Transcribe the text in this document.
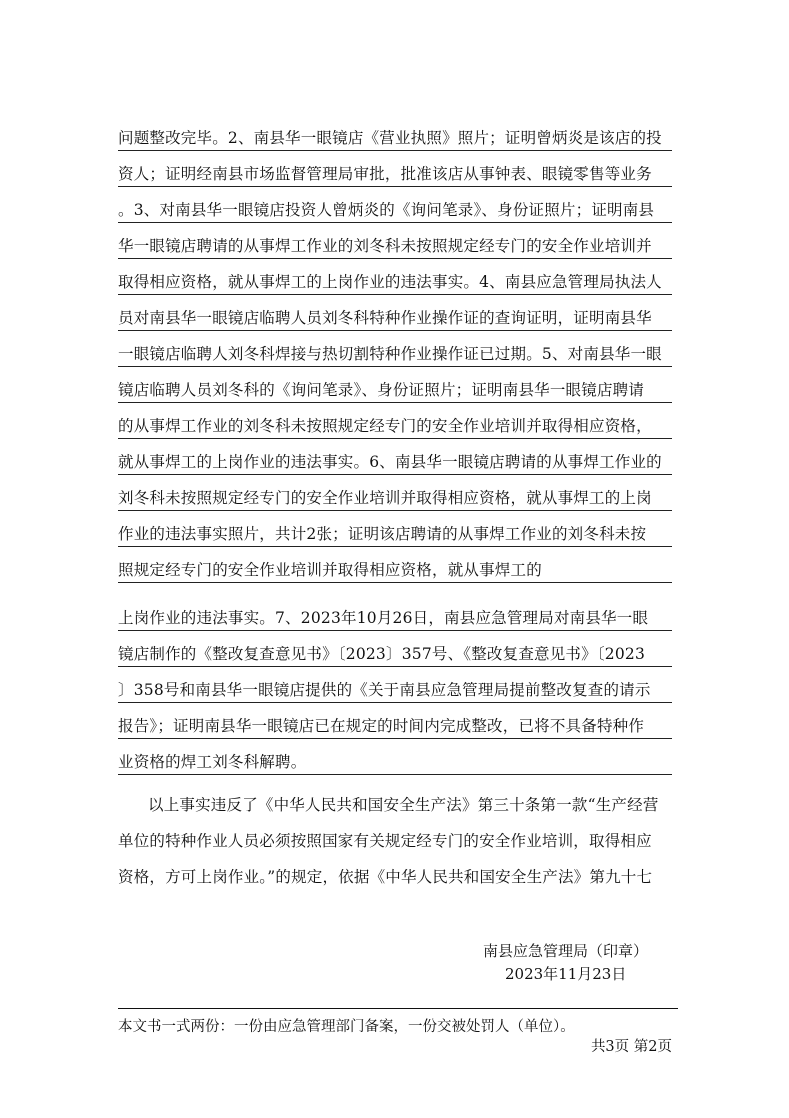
问题整改完毕。2、南县华一眼镜店《营业执照》照片；证明曾炳炎是该店的投
资人；证明经南县市场监督管理局审批，批准该店从事钟表、眼镜零售等业务
。3、对南县华一眼镜店投资人曾炳炎的《询问笔录》、身份证照片；证明南县
华一眼镜店聘请的从事焊工作业的刘冬科未按照规定经专门的安全作业培训并
取得相应资格，就从事焊工的上岗作业的违法事实。4、南县应急管理局执法人
员对南县华一眼镜店临聘人员刘冬科特种作业操作证的查询证明，证明南县华
一眼镜店临聘人刘冬科焊接与热切割特种作业操作证已过期。5、对南县华一眼
镜店临聘人员刘冬科的《询问笔录》、身份证照片；证明南县华一眼镜店聘请
的从事焊工作业的刘冬科未按照规定经专门的安全作业培训并取得相应资格，
就从事焊工的上岗作业的违法事实。6、南县华一眼镜店聘请的从事焊工作业的
刘冬科未按照规定经专门的安全作业培训并取得相应资格，就从事焊工的上岗
作业的违法事实照片，共计2张；证明该店聘请的从事焊工作业的刘冬科未按
照规定经专门的安全作业培训并取得相应资格，就从事焊工的
上岗作业的违法事实。7、2023年10月26日，南县应急管理局对南县华一眼
镜店制作的《整改复查意见书》〔2023〕357号、《整改复查意见书》〔2023
〕358号和南县华一眼镜店提供的《关于南县应急管理局提前整改复查的请示
报告》；证明南县华一眼镜店已在规定的时间内完成整改，已将不具备特种作
业资格的焊工刘冬科解聘。
以上事实违反了《中华人民共和国安全生产法》第三十条第一款“生产经营
单位的特种作业人员必须按照国家有关规定经专门的安全作业培训，取得相应
资格，方可上岗作业。”的规定，依据《中华人民共和国安全生产法》第九十七
南县应急管理局（印章）
2023年11月23日
本文书一式两份：一份由应急管理部门备案，一份交被处罚人（单位）。
共3页 第2页
